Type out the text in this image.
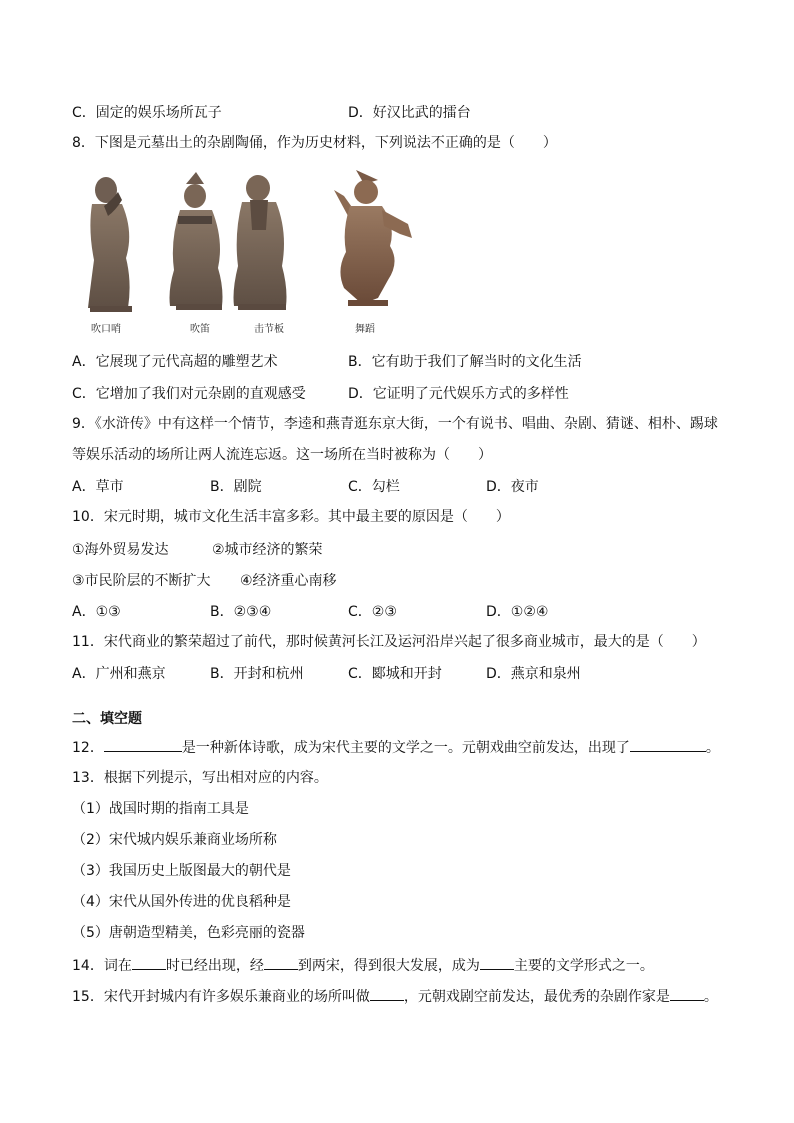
C．固定的娱乐场所瓦子	D．好汉比武的擂台
8．下图是元墓出土的杂剧陶俑，作为历史材料，下列说法不正确的是（　　）
吹口哨	吹笛	击节板	舞蹈
A．它展现了元代高超的雕塑艺术	B．它有助于我们了解当时的文化生活
C．它增加了我们对元杂剧的直观感受	D．它证明了元代娱乐方式的多样性
9．《水浒传》中有这样一个情节，李逵和燕青逛东京大街，一个有说书、唱曲、杂剧、猜谜、相朴、踢球
等娱乐活动的场所让两人流连忘返。这一场所在当时被称为（　　）
A．草市	B．剧院	C．勾栏	D．夜市
10．宋元时期，城市文化生活丰富多彩。其中最主要的原因是（　　）
①海外贸易发达	②城市经济的繁荣
③市民阶层的不断扩大 ④经济重心南移
A．①③	B．②③④	C．②③	D．①②④
11．宋代商业的繁荣超过了前代，那时候黄河长江及运河沿岸兴起了很多商业城市，最大的是（　　）
A．广州和燕京	B．开封和杭州	C．郾城和开封	D．燕京和泉州
二、填空题
12．	是一种新体诗歌，成为宋代主要的文学之一。元朝戏曲空前发达，出现了	。
13．根据下列提示，写出相对应的内容。
（1）战国时期的指南工具是
（2）宋代城内娱乐兼商业场所称
（3）我国历史上版图最大的朝代是
（4）宋代从国外传进的优良稻种是
（5）唐朝造型精美，色彩亮丽的瓷器
14．词在 时已经出现，经 到两宋，得到很大发展，成为 主要的文学形式之一。
15．宋代开封城内有许多娱乐兼商业的场所叫做 ，元朝戏剧空前发达，最优秀的杂剧作家是 。
